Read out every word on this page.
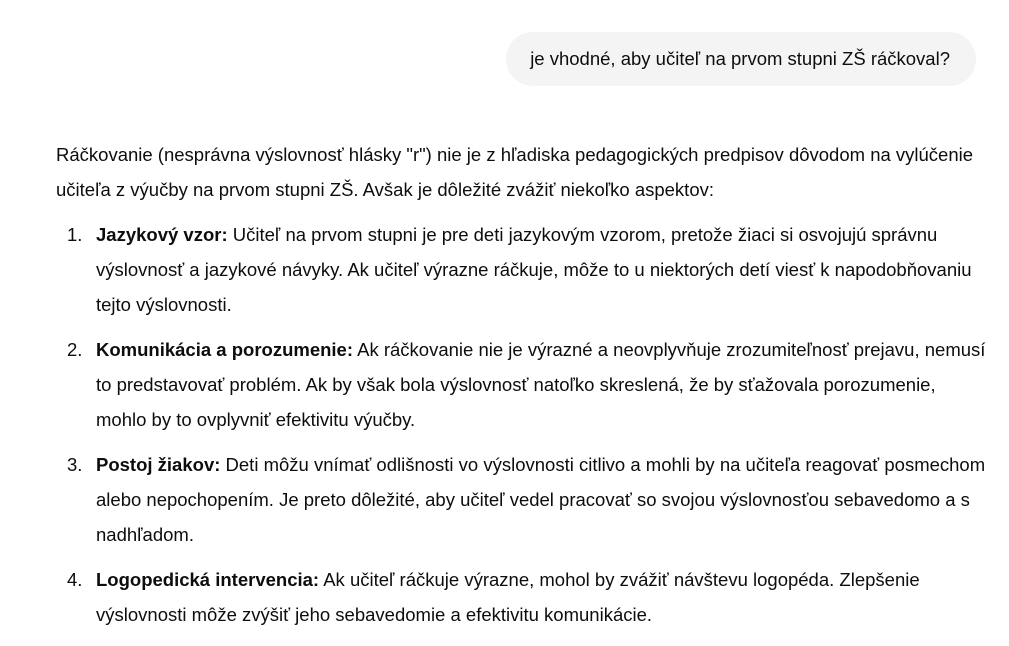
je vhodné, aby učiteľ na prvom stupni ZŠ ráčkoval?

Ráčkovanie (nesprávna výslovnosť hlásky "r") nie je z hľadiska pedagogických predpisov dôvodom na vylúčenie učiteľa z výučby na prvom stupni ZŠ. Avšak je dôležité zvážiť niekoľko aspektov:

1. Jazykový vzor: Učiteľ na prvom stupni je pre deti jazykovým vzorom, pretože žiaci si osvojujú správnu výslovnosť a jazykové návyky. Ak učiteľ výrazne ráčkuje, môže to u niektorých detí viesť k napodobňovaniu tejto výslovnosti.
2. Komunikácia a porozumenie: Ak ráčkovanie nie je výrazné a neovplyvňuje zrozumiteľnosť prejavu, nemusí to predstavovať problém. Ak by však bola výslovnosť natoľko skreslená, že by sťažovala porozumenie, mohlo by to ovplyvniť efektivitu výučby.
3. Postoj žiakov: Deti môžu vnímať odlišnosti vo výslovnosti citlivo a mohli by na učiteľa reagovať posmechom alebo nepochopením. Je preto dôležité, aby učiteľ vedel pracovať so svojou výslovnosťou sebavedomo a s nadhľadom.
4. Logopedická intervencia: Ak učiteľ ráčkuje výrazne, mohol by zvážiť návštevu logopéda. Zlepšenie výslovnosti môže zvýšiť jeho sebavedomie a efektivitu komunikácie.
